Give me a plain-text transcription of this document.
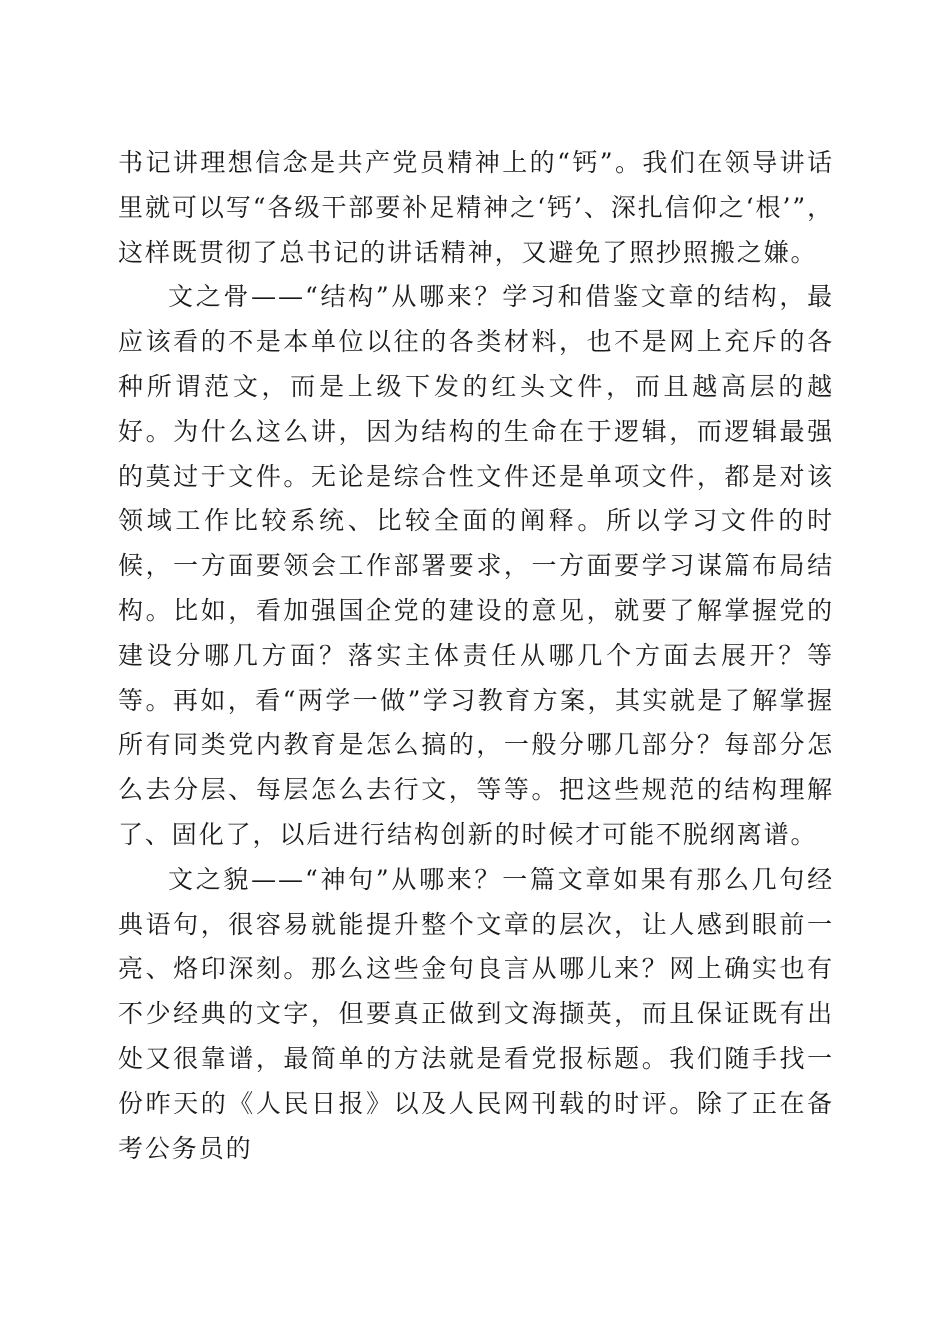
书记讲理想信念是共产党员精神上的“钙”。我们在领导讲话里就可以写“各级干部要补足精神之‘钙’、深扎信仰之‘根’”，这样既贯彻了总书记的讲话精神，又避免了照抄照搬之嫌。

文之骨——“结构”从哪来？学习和借鉴文章的结构，最应该看的不是本单位以往的各类材料，也不是网上充斥的各种所谓范文，而是上级下发的红头文件，而且越高层的越好。为什么这么讲，因为结构的生命在于逻辑，而逻辑最强的莫过于文件。无论是综合性文件还是单项文件，都是对该领域工作比较系统、比较全面的阐释。所以学习文件的时候，一方面要领会工作部署要求，一方面要学习谋篇布局结构。比如，看加强国企党的建设的意见，就要了解掌握党的建设分哪几方面？落实主体责任从哪几个方面去展开？等等。再如，看“两学一做”学习教育方案，其实就是了解掌握所有同类党内教育是怎么搞的，一般分哪几部分？每部分怎么去分层、每层怎么去行文，等等。把这些规范的结构理解了、固化了，以后进行结构创新的时候才可能不脱纲离谱。

文之貌——“神句”从哪来？一篇文章如果有那么几句经典语句，很容易就能提升整个文章的层次，让人感到眼前一亮、烙印深刻。那么这些金句良言从哪儿来？网上确实也有不少经典的文字，但要真正做到文海撷英，而且保证既有出处又很靠谱，最简单的方法就是看党报标题。我们随手找一份昨天的《人民日报》以及人民网刊载的时评。除了正在备考公务员的
